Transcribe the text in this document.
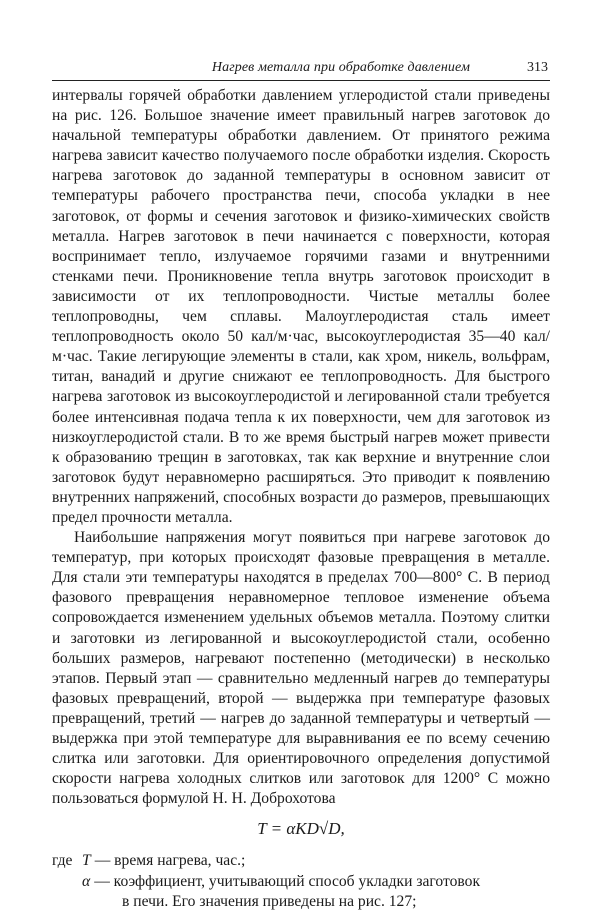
Нагрев металла при обработке давлением	313

интервалы горячей обработки давлением углеродистой стали приведены на рис. 126. Большое значение имеет правильный нагрев заготовок до начальной температуры обработки давлением. От принятого режима нагрева зависит качество получаемого после обработки изделия. Скорость нагрева заготовок до заданной температуры в основном зависит от температуры рабочего пространства печи, способа укладки в нее заготовок, от формы и сечения заготовок и физико-химических свойств металла. Нагрев заготовок в печи начинается с поверхности, которая воспринимает тепло, излучаемое горячими газами и внутренними стенками печи. Проникновение тепла внутрь заготовок происходит в зависимости от их теплопроводности. Чистые металлы более теплопроводны, чем сплавы. Малоуглеродистая сталь имеет теплопроводность около 50 кал/м·час, высокоуглеродистая 35—40 кал/м·час. Такие легирующие элементы в стали, как хром, никель, вольфрам, титан, ванадий и другие снижают ее теплопроводность. Для быстрого нагрева заготовок из высокоуглеродистой и легированной стали требуется более интенсивная подача тепла к их поверхности, чем для заготовок из низкоуглеродистой стали. В то же время быстрый нагрев может привести к образованию трещин в заготовках, так как верхние и внутренние слои заготовок будут неравномерно расширяться. Это приводит к появлению внутренних напряжений, способных возрасти до размеров, превышающих предел прочности металла.

Наибольшие напряжения могут появиться при нагреве заготовок до температур, при которых происходят фазовые превращения в металле. Для стали эти температуры находятся в пределах 700—800° С. В период фазового превращения неравномерное тепловое изменение объема сопровождается изменением удельных объемов металла. Поэтому слитки и заготовки из легированной и высокоуглеродистой стали, особенно больших размеров, нагревают постепенно (методически) в несколько этапов. Первый этап — сравнительно медленный нагрев до температуры фазовых превращений, второй — выдержка при температуре фазовых превращений, третий — нагрев до заданной температуры и четвертый — выдержка при этой температуре для выравнивания ее по всему сечению слитка или заготовки. Для ориентировочного определения допустимой скорости нагрева холодных слитков или заготовок для 1200° С можно пользоваться формулой Н. Н. Доброхотова

T = αKD√D,
где T — время нагрева, час.;
α — коэффициент, учитывающий способ укладки заготовок
в печи. Его значения приведены на рис. 127;
